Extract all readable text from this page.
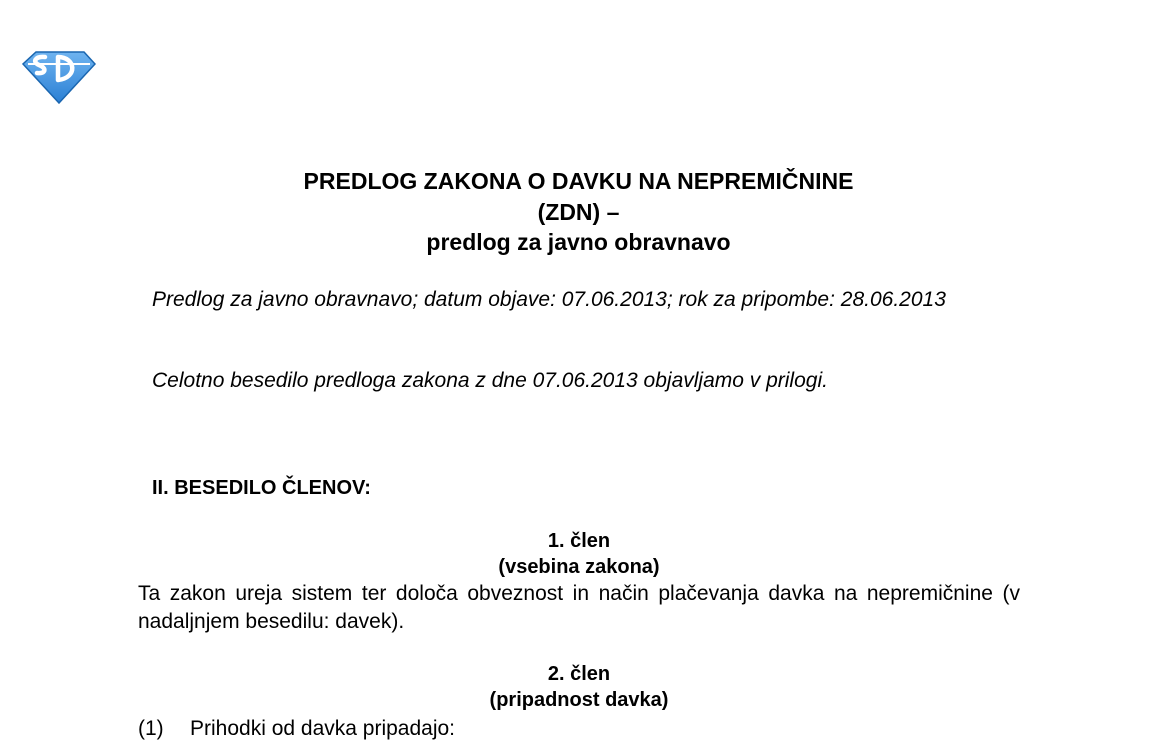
PREDLOG ZAKONA O DAVKU NA NEPREMIČNINE
(ZDN) –
predlog za javno obravnavo
Predlog za javno obravnavo; datum objave: 07.06.2013; rok za pripombe: 28.06.2013
Celotno besedilo predloga zakona z dne 07.06.2013 objavljamo v prilogi.
II. BESEDILO ČLENOV:
1. člen
(vsebina zakona)
Ta zakon ureja sistem ter določa obveznost in način plačevanja davka na nepremičnine (v nadaljnjem besedilu: davek).
2. člen
(pripadnost davka)
(1) Prihodki od davka pripadajo:
